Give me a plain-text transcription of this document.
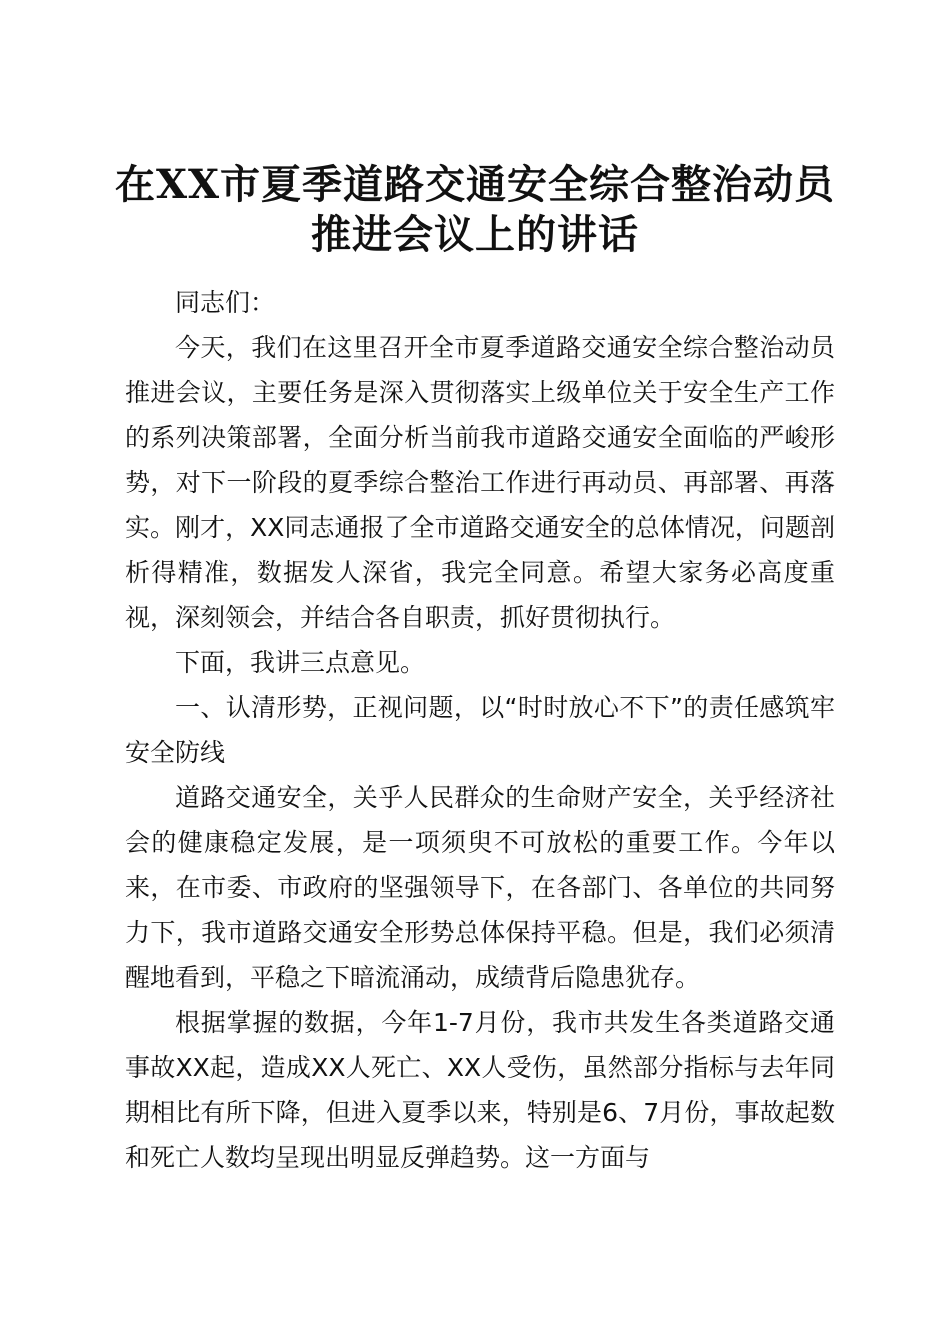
在XX市夏季道路交通安全综合整治动员推进会议上的讲话

同志们：

今天，我们在这里召开全市夏季道路交通安全综合整治动员推进会议，主要任务是深入贯彻落实上级单位关于安全生产工作的系列决策部署，全面分析当前我市道路交通安全面临的严峻形势，对下一阶段的夏季综合整治工作进行再动员、再部署、再落实。刚才，XX同志通报了全市道路交通安全的总体情况，问题剖析得精准，数据发人深省，我完全同意。希望大家务必高度重视，深刻领会，并结合各自职责，抓好贯彻执行。

下面，我讲三点意见。

一、认清形势，正视问题，以“时时放心不下”的责任感筑牢安全防线

道路交通安全，关乎人民群众的生命财产安全，关乎经济社会的健康稳定发展，是一项须臾不可放松的重要工作。今年以来，在市委、市政府的坚强领导下，在各部门、各单位的共同努力下，我市道路交通安全形势总体保持平稳。但是，我们必须清醒地看到，平稳之下暗流涌动，成绩背后隐患犹存。

根据掌握的数据，今年1-7月份，我市共发生各类道路交通事故XX起，造成XX人死亡、XX人受伤，虽然部分指标与去年同期相比有所下降，但进入夏季以来，特别是6、7月份，事故起数和死亡人数均呈现出明显反弹趋势。这一方面与
